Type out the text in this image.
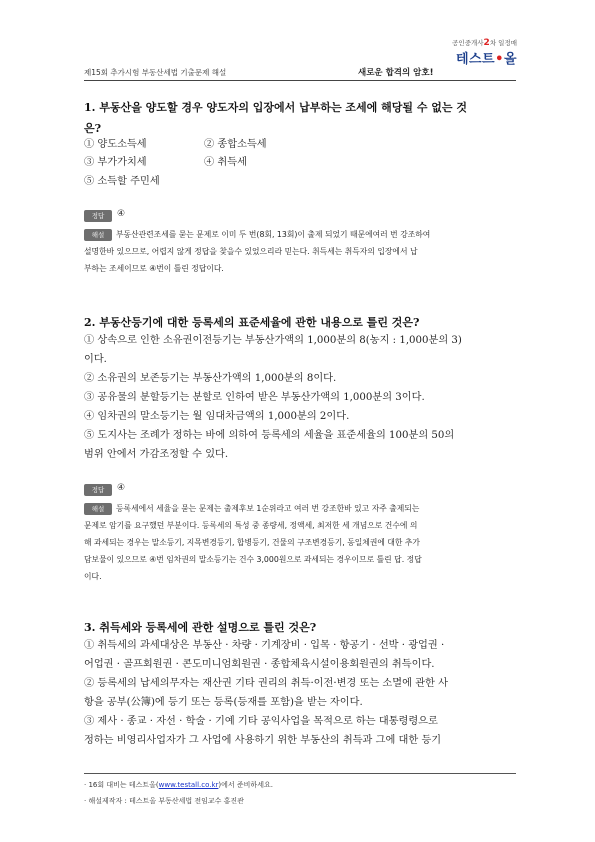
제15회 추가시험 부동산세법 기출문제 해설	새로운 합격의 암호!
공인중개사2차 일정매
테스트•올
1. 부동산을 양도할 경우 양도자의 입장에서 납부하는 조세에 해당될 수 없는 것
은?
① 양도소득세	② 종합소득세
③ 부가가치세	④ 취득세
⑤ 소득할 주민세
정답	④
해설 부동산관련조세를 묻는 문제로 이미 두 번(8회, 13회)이 출제 되었기 때문에여러 번 강조하여
설명한바 있으므로, 어렵지 않게 정답을 찾을수 있었으리라 믿는다. 취득세는 취득자의 입장에서 납
부하는 조세이므로 ④번이 틀린 정답이다.
2. 부동산등기에 대한 등록세의 표준세율에 관한 내용으로 틀린 것은?
① 상속으로 인한 소유권이전등기는 부동산가액의 1,000분의 8(농지 : 1,000분의 3)
이다.
② 소유권의 보존등기는 부동산가액의 1,000분의 8이다.
③ 공유물의 분할등기는 분할로 인하여 받은 부동산가액의 1,000분의 3이다.
④ 임차권의 말소등기는 월 임대차금액의 1,000분의 2이다.
⑤ 도지사는 조례가 정하는 바에 의하여 등록세의 세율을 표준세율의 100분의 50의
범위 안에서 가감조정할 수 있다.
정답	④
해설 등록세에서 세율을 묻는 문제는 출제후보 1순위라고 여러 번 강조한바 있고 자주 출제되는
문제로 암기를 요구했던 부분이다. 등록세의 특성 중 종량세, 정액세, 최저한 세 개념으로 건수에 의
해 과세되는 경우는 말소등기, 지목변경등기, 합병등기, 건물의 구조변경등기, 동일체권에 대한 추가
담보물이 있으므로 ④번 임차권의 말소등기는 건수 3,000원으로 과세되는 경우이므로 틀린 답. 정답
이다.
3. 취득세와 등록세에 관한 설명으로 틀린 것은?
① 취득세의 과세대상은 부동산 · 차량 · 기계장비 · 입목 · 항공기 · 선박 · 광업권 ·
어업권 · 골프회원권 · 콘도미니엄회원권 · 종합체육시설이용회원권의 취득이다.
② 등록세의 납세의무자는 재산권 기타 권리의 취득·이전·변경 또는 소멸에 관한 사
항을 공부(公簿)에 등기 또는 등록(등재를 포함)을 받는 자이다.
③ 제사 · 종교 · 자선 · 학술 · 기예 기타 공익사업을 목적으로 하는 대통령령으로
정하는 비영리사업자가 그 사업에 사용하기 위한 부동산의 취득과 그에 대한 등기
· 16회 대비는 테스트올(www.testall.co.kr)에서 준비하세요.
· 해설제작자 : 테스트올 부동산세법 전임교수 홍진관
